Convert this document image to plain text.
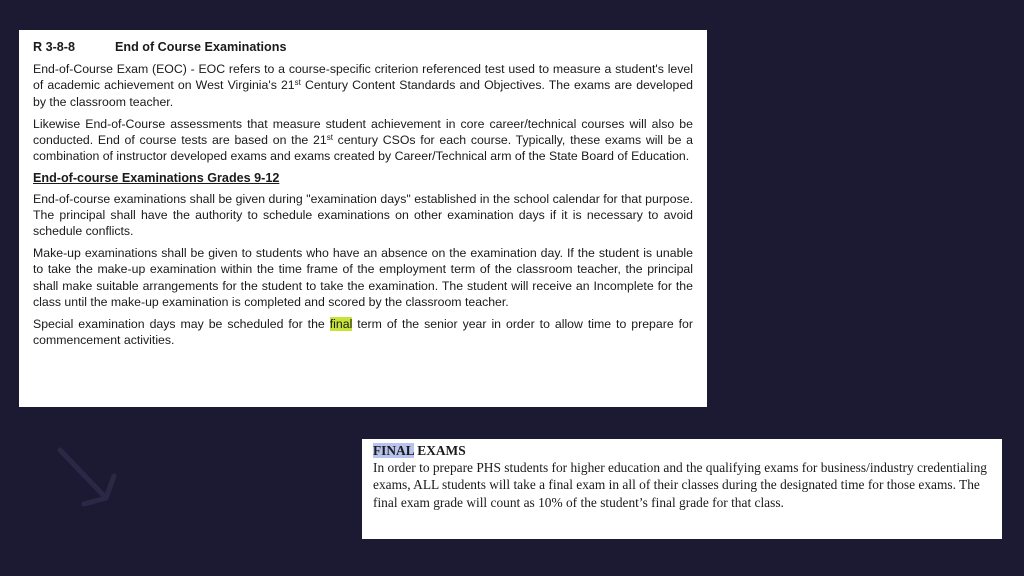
R 3-8-8	End of Course Examinations

End-of-Course Exam (EOC) - EOC refers to a course-specific criterion referenced test used to measure a student's level of academic achievement on West Virginia's 21st Century Content Standards and Objectives. The exams are developed by the classroom teacher.

Likewise End-of-Course assessments that measure student achievement in core career/technical courses will also be conducted. End of course tests are based on the 21st century CSOs for each course. Typically, these exams will be a combination of instructor developed exams and exams created by Career/Technical arm of the State Board of Education.

End-of-course Examinations Grades 9-12

End-of-course examinations shall be given during "examination days" established in the school calendar for that purpose. The principal shall have the authority to schedule examinations on other examination days if it is necessary to avoid schedule conflicts.

Make-up examinations shall be given to students who have an absence on the examination day. If the student is unable to take the make-up examination within the time frame of the employment term of the classroom teacher, the principal shall make suitable arrangements for the student to take the examination. The student will receive an Incomplete for the class until the make-up examination is completed and scored by the classroom teacher.

Special examination days may be scheduled for the final term of the senior year in order to allow time to prepare for commencement activities.

FINAL EXAMS
In order to prepare PHS students for higher education and the qualifying exams for business/industry credentialing exams, ALL students will take a final exam in all of their classes during the designated time for those exams. The final exam grade will count as 10% of the student’s final grade for that class.
